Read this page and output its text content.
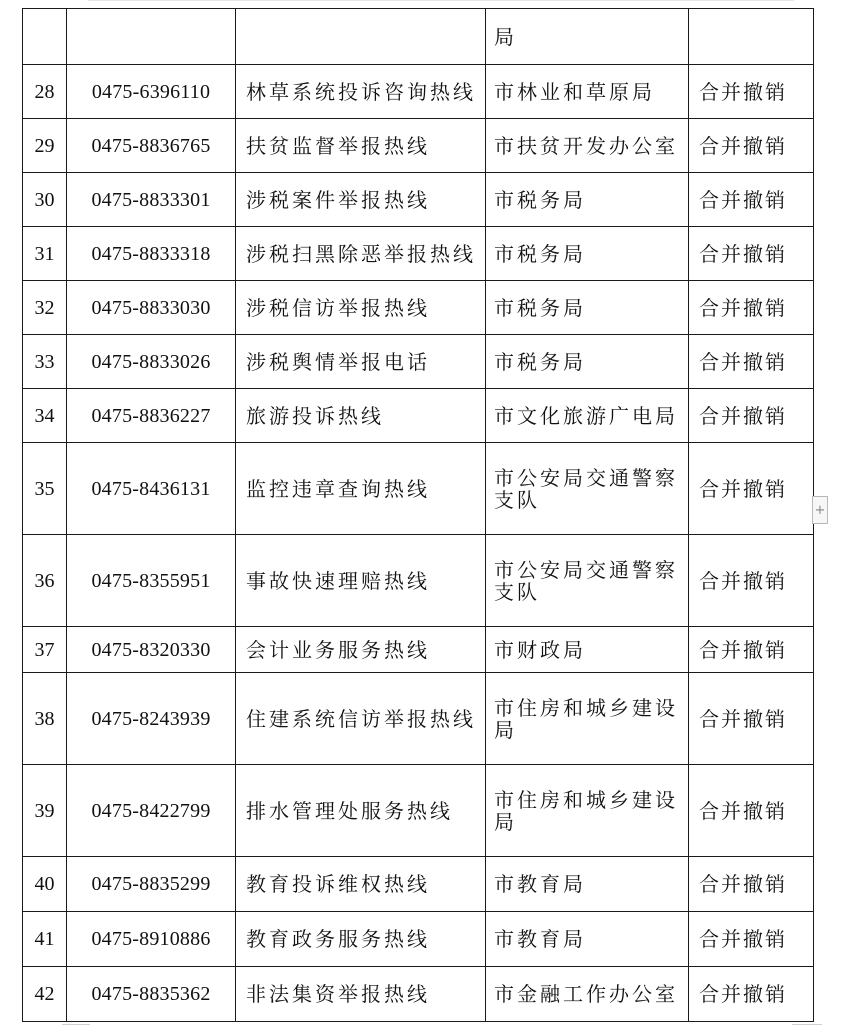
			局	

28	0475-6396110	林草系统投诉咨询热线	市林业和草原局	合并撤销
29	0475-8836765	扶贫监督举报热线	市扶贫开发办公室	合并撤销
30	0475-8833301	涉税案件举报热线	市税务局	合并撤销
31	0475-8833318	涉税扫黑除恶举报热线	市税务局	合并撤销
32	0475-8833030	涉税信访举报热线	市税务局	合并撤销
33	0475-8833026	涉税舆情举报电话	市税务局	合并撤销
34	0475-8836227	旅游投诉热线	市文化旅游广电局	合并撤销
35	0475-8436131	监控违章查询热线	市公安局交通警察支队	合并撤销
36	0475-8355951	事故快速理赔热线	市公安局交通警察支队	合并撤销
37	0475-8320330	会计业务服务热线	市财政局	合并撤销
38	0475-8243939	住建系统信访举报热线	市住房和城乡建设局	合并撤销
39	0475-8422799	排水管理处服务热线	市住房和城乡建设局	合并撤销
40	0475-8835299	教育投诉维权热线	市教育局	合并撤销
41	0475-8910886	教育政务服务热线	市教育局	合并撤销
42	0475-8835362	非法集资举报热线	市金融工作办公室	合并撤销
+
